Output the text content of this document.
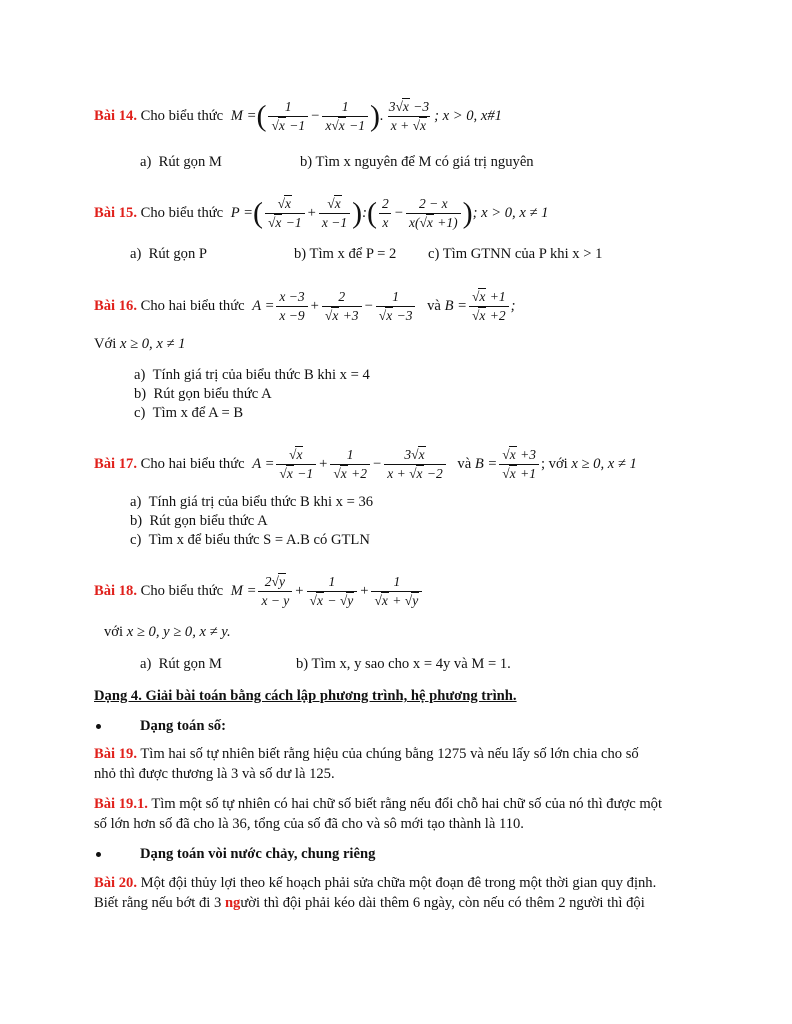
Bài 14. Cho biểu thức M =( $\frac{1}{√x -1} - \frac{1}{x√x -1}$ ). $\frac{3√x -3}{x + √x}$ ; x > 0, x#1
a)  Rút gọn M	b) Tìm x nguyên để M có giá trị nguyên
Bài 15. Cho biểu thức P =( $\frac{√x}{√x -1} + \frac{√x}{x -1}$ ):( $\frac{2}{x} - \frac{2 - x}{x(√x +1)}$ ); x > 0, x ≠ 1
a)  Rút gọn P	b) Tìm x để P = 2 c) Tìm GTNN của P khi x > 1
Bài 16. Cho hai biểu thức $A = \frac{x -3}{x -9} + \frac{2}{√x +3} - \frac{1}{√x -3}$ và $B = \frac{√x +1}{√x +2}$ ;
Với x ≥ 0, x ≠ 1
a)  Tính giá trị của biểu thức B khi x = 4
b)  Rút gọn biểu thức A
c)  Tìm x để A = B
Bài 17. Cho hai biểu thức $A = \frac{√x}{√x -1} + \frac{1}{√x +2} - \frac{3√x}{x + √x -2}$ và $B = \frac{√x +3}{√x +1}$ ; với x ≥ 0, x ≠ 1
a)  Tính giá trị của biểu thức B khi x = 36
b)  Rút gọn biểu thức A
c)  Tìm x để biểu thức S = A.B có GTLN
Bài 18. Cho biểu thức $M = \frac{2√y}{x - y} + \frac{1}{√x - √y} + \frac{1}{√x + √y}$
với x ≥ 0, y ≥ 0, x ≠ y.
a)  Rút gọn M	b) Tìm x, y sao cho x = 4y và M = 1.
Dạng 4. Giải bài toán bằng cách lập phương trình, hệ phương trình.
Dạng toán số:
Bài 19. Tìm hai số tự nhiên biết rằng hiệu của chúng bằng 1275 và nếu lấy số lớn chia cho số
nhỏ thì được thương là 3 và số dư là 125.
Bài 19.1. Tìm một số tự nhiên có hai chữ số biết rằng nếu đổi chỗ hai chữ số của nó thì được một
số lớn hơn số đã cho là 36, tổng của số đã cho và sô mới tạo thành là 110.
Dạng toán vòi nước chảy, chung riêng
Bài 20. Một đội thủy lợi theo kế hoạch phải sửa chữa một đoạn đê trong một thời gian quy định.
Biết rằng nếu bớt đi 3 người thì đội phải kéo dài thêm 6 ngày, còn nếu có thêm 2 người thì đội
